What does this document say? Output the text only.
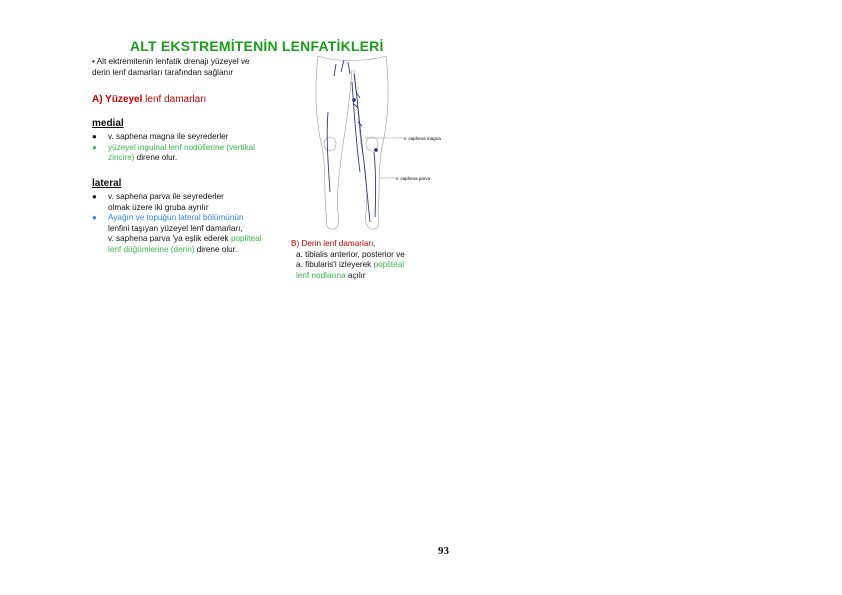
ALT EKSTREMİTENİN LENFATİKLERİ
• Alt ektremitenin lenfatik drenajı yüzeyel ve
derin lenf damarları tarafından sağlanır
A) Yüzeyel lenf damarları
medial
●	v. saphena magna ile seyrederler
●	yüzeyel inguinal lenf nodüllerine (vertikal
zincire) direne olur.
lateral
●	v. saphena parva ile seyrederler
olmak üzere iki gruba ayrılır
●	Ayağın ve topuğun lateral bölümünün
lenfini taşıyan yüzeyel lenf damarları,
v. saphena parva 'ya eşlik ederek popliteal
lenf düğümlerine (derin) direne olur.
B) Derin lenf damarları,
a. tibialis anterior, posterior ve
a. fibularis'i izleyerek popliteal
lenf nodlarına açılır
v. saphena magna
v. saphena parva
93
